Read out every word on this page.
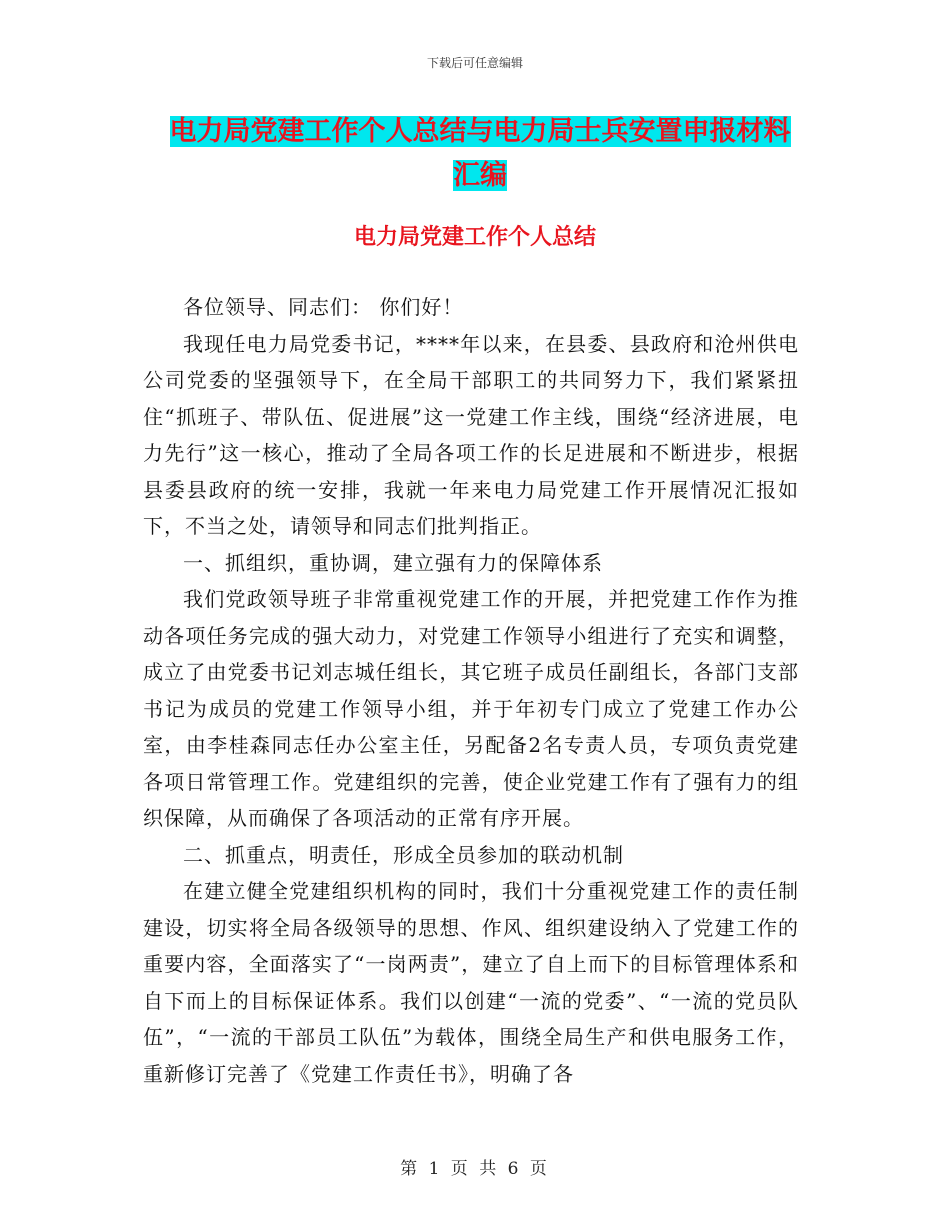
下载后可任意编辑
电力局党建工作个人总结与电力局士兵安置申报材料
汇编
电力局党建工作个人总结

各位领导、同志们： 你们好！

我现任电力局党委书记，****年以来，在县委、县政府和沧州供电公司党委的坚强领导下，在全局干部职工的共同努力下，我们紧紧扭住“抓班子、带队伍、促进展”这一党建工作主线，围绕“经济进展，电力先行”这一核心，推动了全局各项工作的长足进展和不断进步，根据县委县政府的统一安排，我就一年来电力局党建工作开展情况汇报如下，不当之处，请领导和同志们批判指正。

一、抓组织，重协调，建立强有力的保障体系

我们党政领导班子非常重视党建工作的开展，并把党建工作作为推动各项任务完成的强大动力，对党建工作领导小组进行了充实和调整，成立了由党委书记刘志城任组长，其它班子成员任副组长，各部门支部书记为成员的党建工作领导小组，并于年初专门成立了党建工作办公室，由李桂森同志任办公室主任，另配备2名专责人员，专项负责党建各项日常管理工作。党建组织的完善，使企业党建工作有了强有力的组织保障，从而确保了各项活动的正常有序开展。

二、抓重点，明责任，形成全员参加的联动机制

在建立健全党建组织机构的同时，我们十分重视党建工作的责任制建设，切实将全局各级领导的思想、作风、组织建设纳入了党建工作的重要内容，全面落实了“一岗两责”，建立了自上而下的目标管理体系和自下而上的目标保证体系。我们以创建“一流的党委”、“一流的党员队伍”，“一流的干部员工队伍”为载体，围绕全局生产和供电服务工作，重新修订完善了《党建工作责任书》，明确了各

第 1 页 共 6 页
